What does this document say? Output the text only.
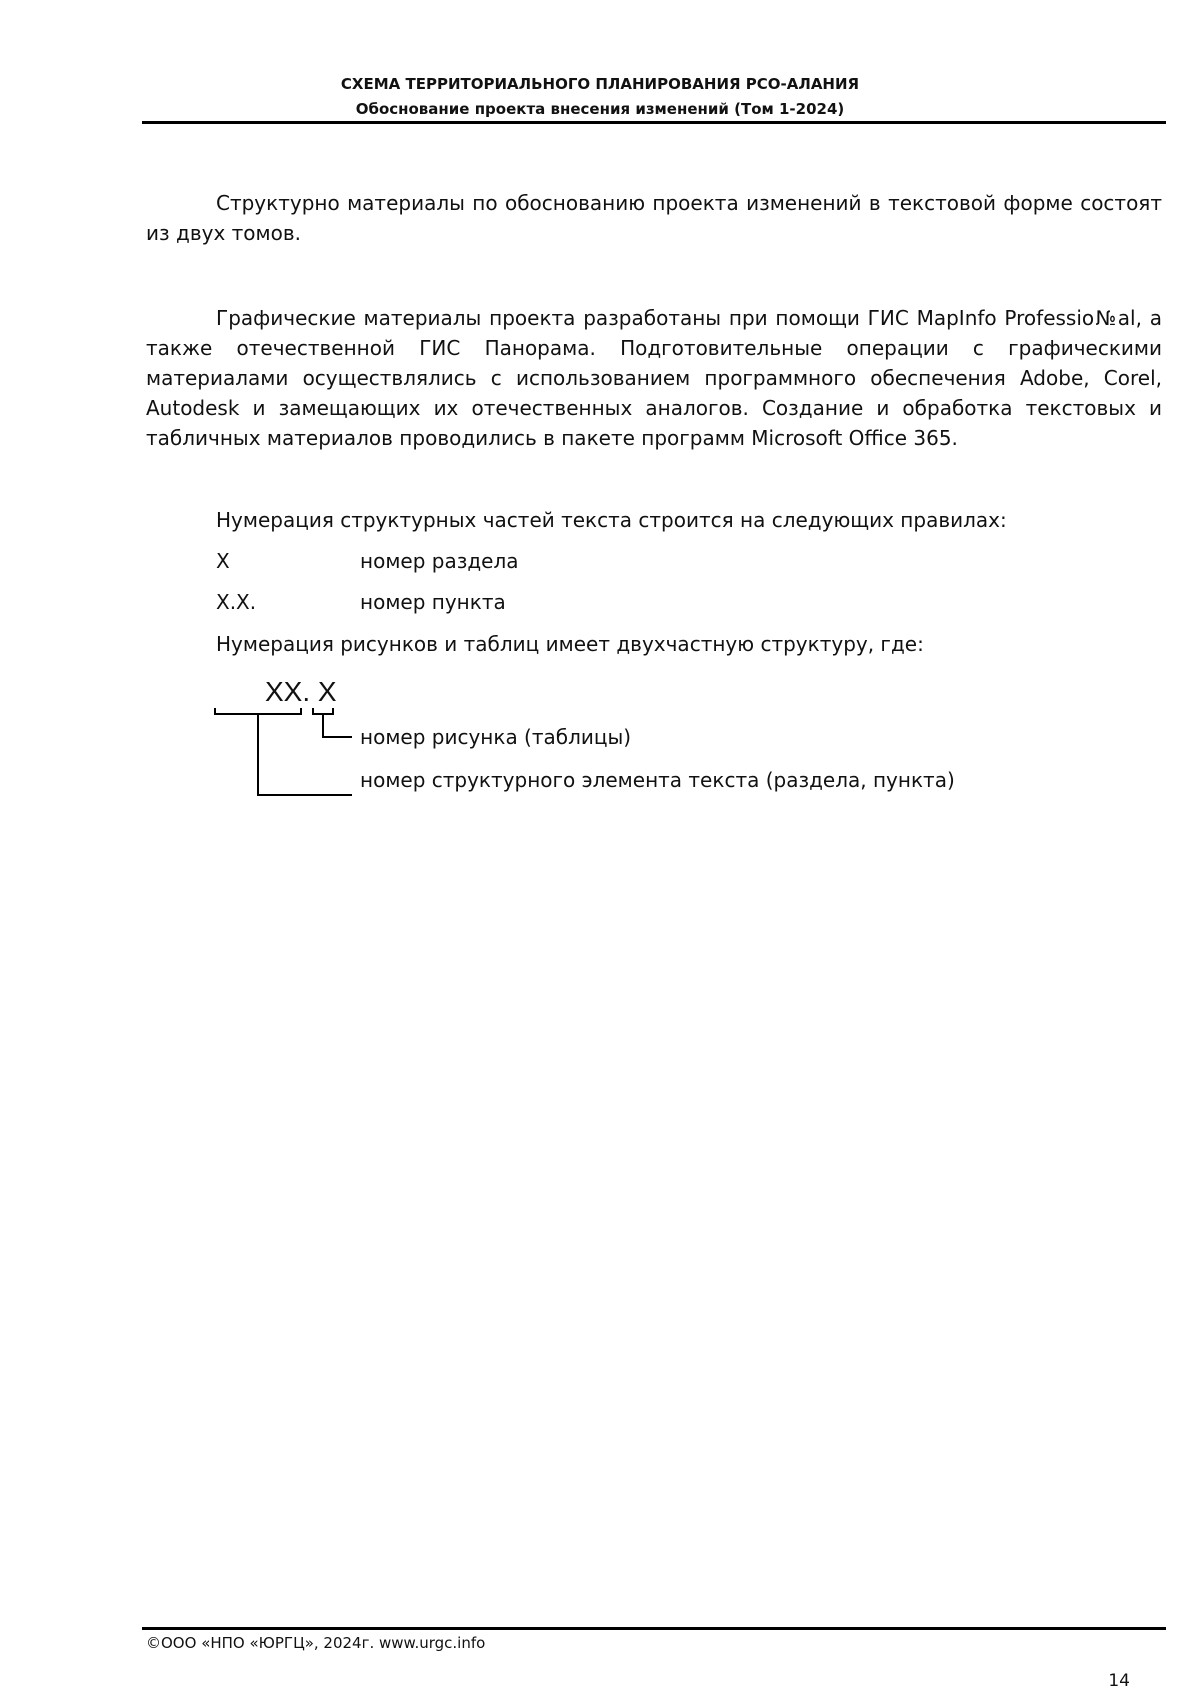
СХЕМА ТЕРРИТОРИАЛЬНОГО ПЛАНИРОВАНИЯ РСО-АЛАНИЯ
Обоснование проекта внесения изменений (Том 1-2024)
Структурно материалы по обоснованию проекта изменений в текстовой форме состоят из двух томов.
Графические материалы проекта разработаны при помощи ГИС MapInfo Professio№al, а также отечественной ГИС Панорама. Подготовительные операции с графическими материалами осуществлялись с использованием программного обеспечения Adobe, Corel, Autodesk и замещающих их отечественных аналогов. Создание и обработка текстовых и табличных материалов проводились в пакете программ Microsoft Office 365.
Нумерация структурных частей текста строится на следующих правилах:
X	номер раздела
X.X.	номер пункта
Нумерация рисунков и таблиц имеет двухчастную структуру, где:
XX. X
номер рисунка (таблицы)
номер структурного элемента текста (раздела, пункта)
©ООО «НПО «ЮРГЦ», 2024г. www.urgc.info
14
